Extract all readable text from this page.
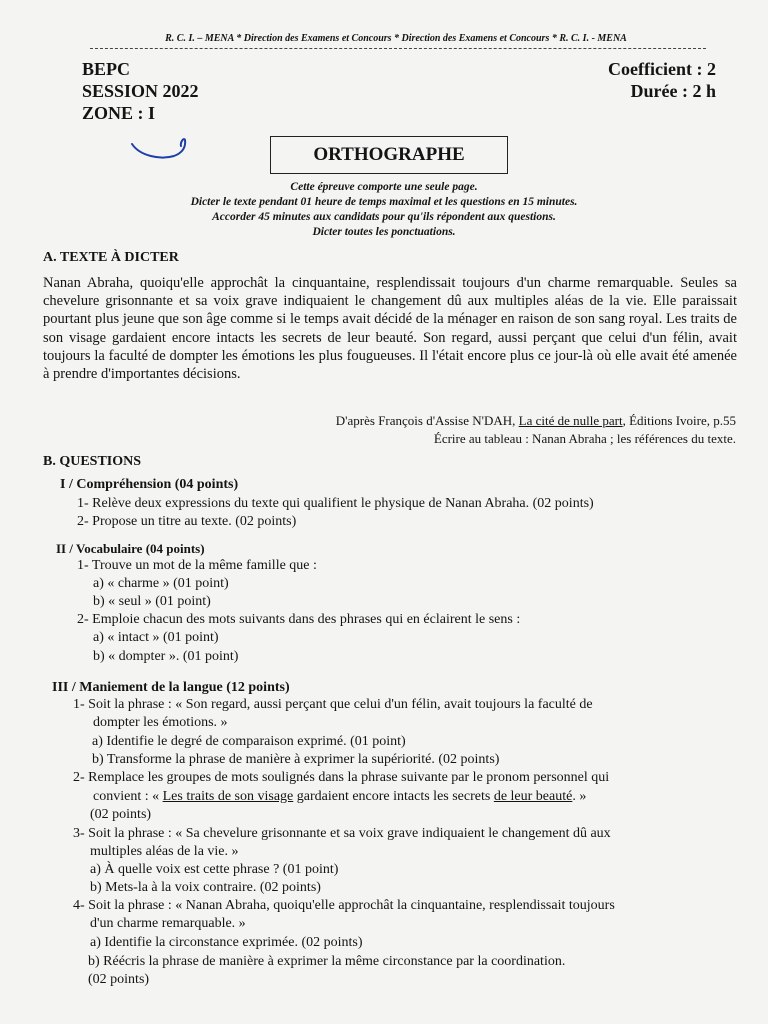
R. C. I. – MENA * Direction des Examens et Concours * Direction des Examens et Concours * R. C. I. - MENA
BEPC
SESSION 2022
ZONE : I
Coefficient : 2
Durée : 2 h
ORTHOGRAPHE
Cette épreuve comporte une seule page.
Dicter le texte pendant 01 heure de temps maximal et les questions en 15 minutes.
Accorder 45 minutes aux candidats pour qu'ils répondent aux questions.
Dicter toutes les ponctuations.
A. TEXTE À DICTER
Nanan Abraha, quoiqu'elle approchât la cinquantaine, resplendissait toujours d'un charme remarquable. Seules sa chevelure grisonnante et sa voix grave indiquaient le changement dû aux multiples aléas de la vie. Elle paraissait pourtant plus jeune que son âge comme si le temps avait décidé de la ménager en raison de son sang royal. Les traits de son visage gardaient encore intacts les secrets de leur beauté. Son regard, aussi perçant que celui d'un félin, avait toujours la faculté de dompter les émotions les plus fougueuses. Il l'était encore plus ce jour-là où elle avait été amenée à prendre d'importantes décisions.
D'après François d'Assise N'DAH, La cité de nulle part, Éditions Ivoire, p.55
Écrire au tableau : Nanan Abraha ; les références du texte.
B. QUESTIONS
I / Compréhension (04 points)
1- Relève deux expressions du texte qui qualifient le physique de Nanan Abraha. (02 points)
2- Propose un titre au texte. (02 points)
II / Vocabulaire (04 points)
1- Trouve un mot de la même famille que :
a) « charme » (01 point)
b) « seul » (01 point)
2- Emploie chacun des mots suivants dans des phrases qui en éclairent le sens :
a) « intact » (01 point)
b) « dompter ». (01 point)
III / Maniement de la langue (12 points)
1- Soit la phrase : « Son regard, aussi perçant que celui d'un félin, avait toujours la faculté de
dompter les émotions. »
a) Identifie le degré de comparaison exprimé. (01 point)
b) Transforme la phrase de manière à exprimer la supériorité. (02 points)
2- Remplace les groupes de mots soulignés dans la phrase suivante par le pronom personnel qui
convient : « Les traits de son visage gardaient encore intacts les secrets de leur beauté. »
(02 points)
3- Soit la phrase : « Sa chevelure grisonnante et sa voix grave indiquaient le changement dû aux
multiples aléas de la vie. »
a) À quelle voix est cette phrase ? (01 point)
b) Mets-la à la voix contraire. (02 points)
4- Soit la phrase : « Nanan Abraha, quoiqu'elle approchât la cinquantaine, resplendissait toujours
d'un charme remarquable. »
a) Identifie la circonstance exprimée. (02 points)
b) Réécris la phrase de manière à exprimer la même circonstance par la coordination.
(02 points)
